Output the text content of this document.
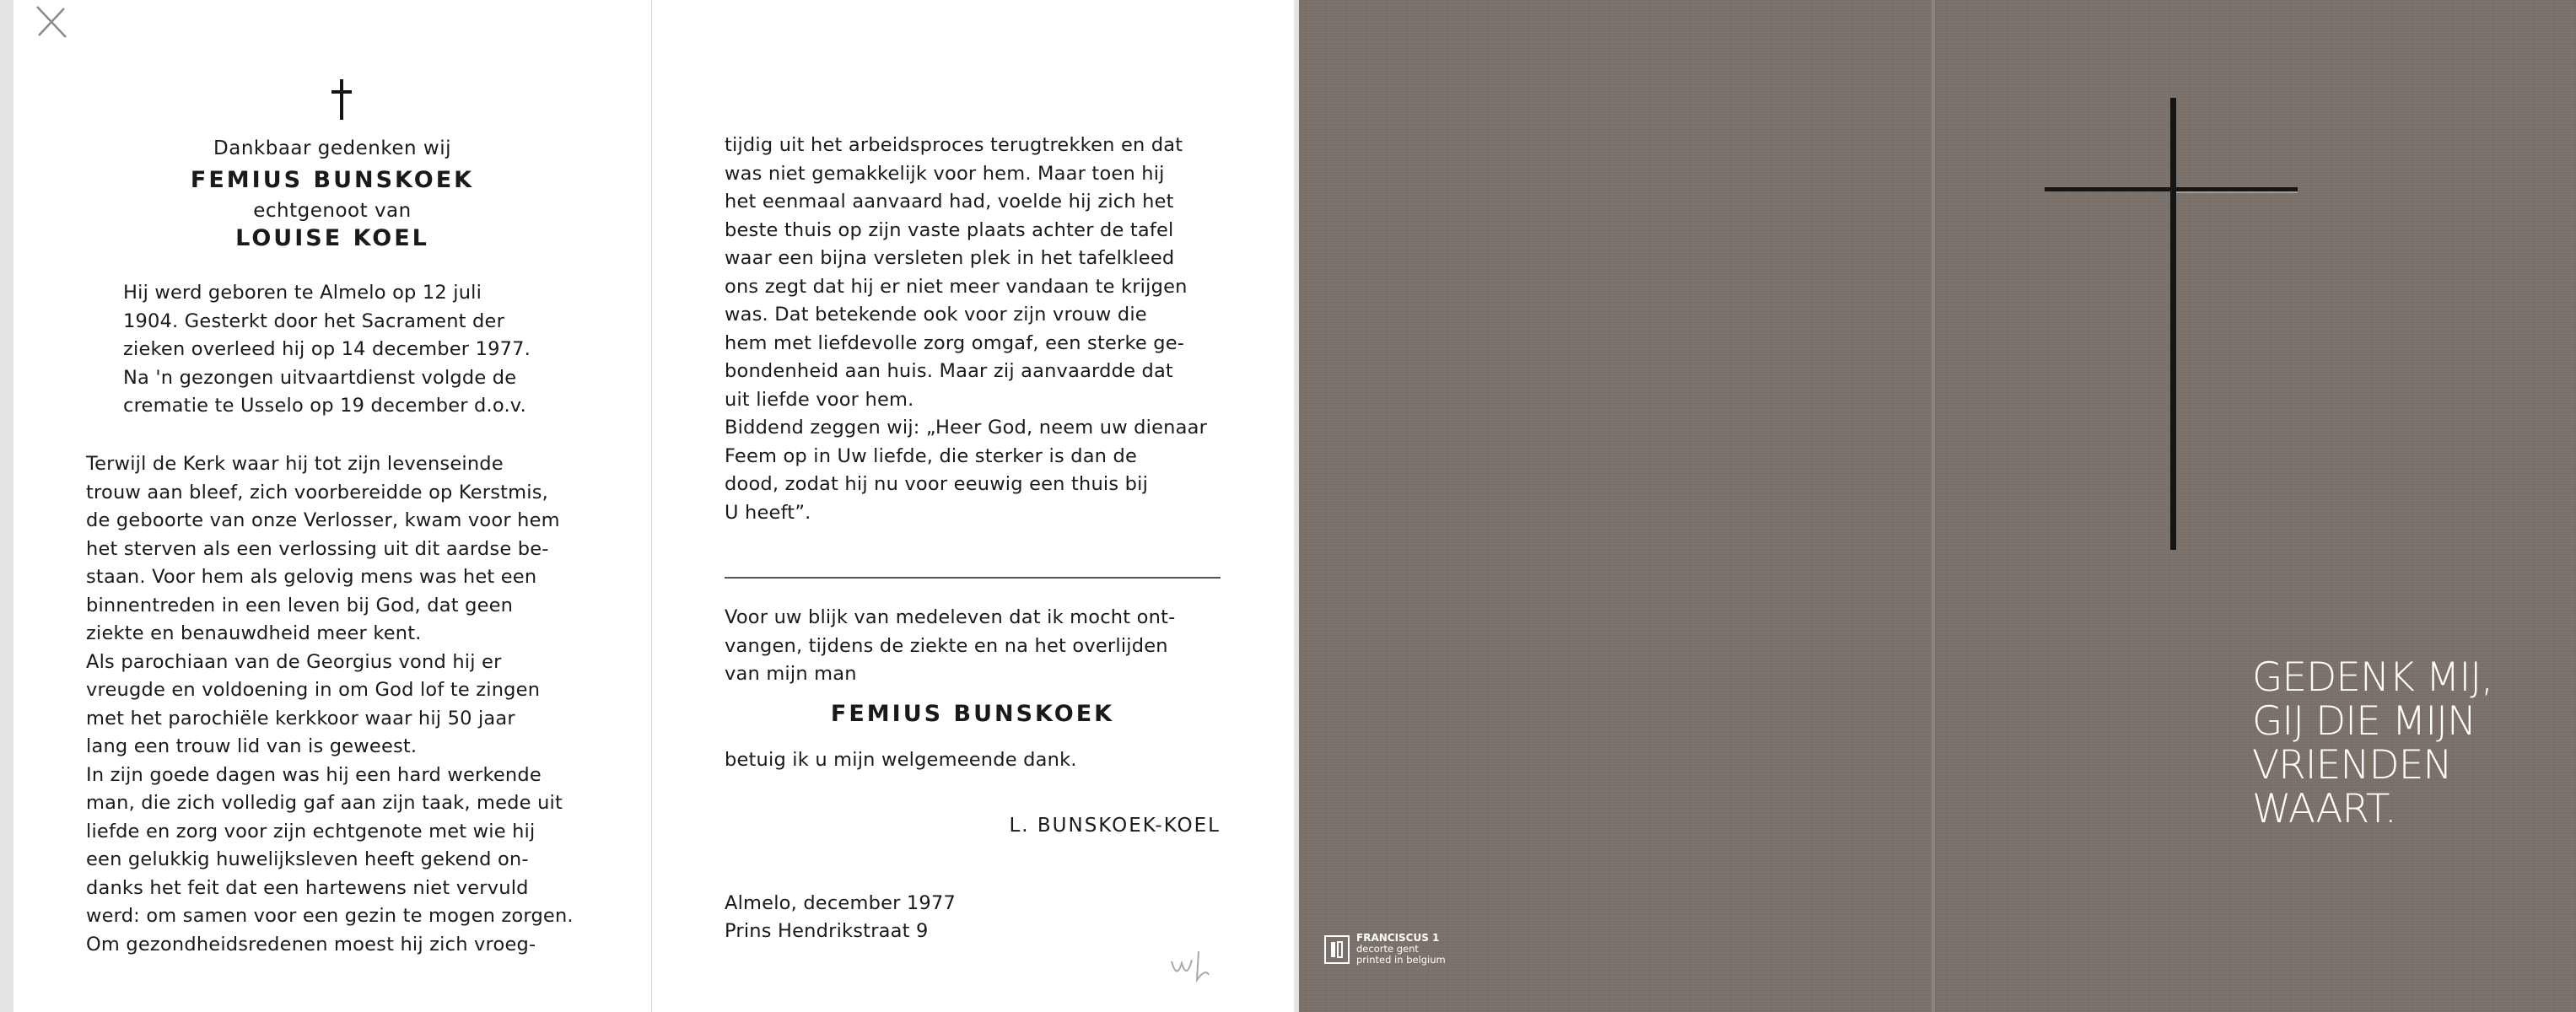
Dankbaar gedenken wij
FEMIUS BUNSKOEK
echtgenoot van
LOUISE KOEL
Hij werd geboren te Almelo op 12 juli
1904. Gesterkt door het Sacrament der
zieken overleed hij op 14 december 1977.
Na 'n gezongen uitvaartdienst volgde de
crematie te Usselo op 19 december d.o.v.
Terwijl de Kerk waar hij tot zijn levenseinde
trouw aan bleef, zich voorbereidde op Kerstmis,
de geboorte van onze Verlosser, kwam voor hem
het sterven als een verlossing uit dit aardse be-
staan. Voor hem als gelovig mens was het een
binnentreden in een leven bij God, dat geen
ziekte en benauwdheid meer kent.
Als parochiaan van de Georgius vond hij er
vreugde en voldoening in om God lof te zingen
met het parochiële kerkkoor waar hij 50 jaar
lang een trouw lid van is geweest.
In zijn goede dagen was hij een hard werkende
man, die zich volledig gaf aan zijn taak, mede uit
liefde en zorg voor zijn echtgenote met wie hij
een gelukkig huwelijksleven heeft gekend on-
danks het feit dat een hartewens niet vervuld
werd: om samen voor een gezin te mogen zorgen.
Om gezondheidsredenen moest hij zich vroeg-
tijdig uit het arbeidsproces terugtrekken en dat
was niet gemakkelijk voor hem. Maar toen hij
het eenmaal aanvaard had, voelde hij zich het
beste thuis op zijn vaste plaats achter de tafel
waar een bijna versleten plek in het tafelkleed
ons zegt dat hij er niet meer vandaan te krijgen
was. Dat betekende ook voor zijn vrouw die
hem met liefdevolle zorg omgaf, een sterke ge-
bondenheid aan huis. Maar zij aanvaardde dat
uit liefde voor hem.
Biddend zeggen wij: „Heer God, neem uw dienaar
Feem op in Uw liefde, die sterker is dan de
dood, zodat hij nu voor eeuwig een thuis bij
U heeft”.
Voor uw blijk van medeleven dat ik mocht ont-
vangen, tijdens de ziekte en na het overlijden
van mijn man
FEMIUS BUNSKOEK
betuig ik u mijn welgemeende dank.
L. BUNSKOEK-KOEL
Almelo, december 1977
Prins Hendrikstraat 9	FRANCISCUS 1
decorte gent
printed in belgium
GEDENK MIJ,
GIJ DIE MIJN
VRIENDEN
WAART.
